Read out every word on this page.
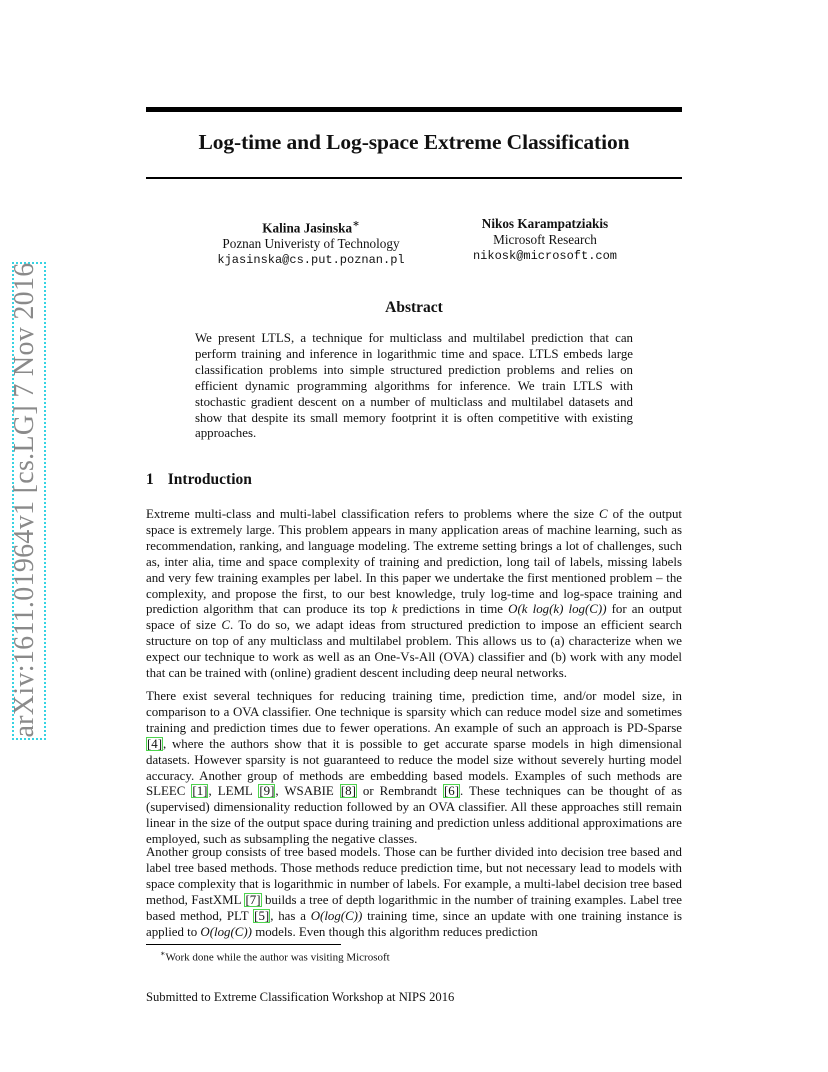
arXiv:1611.01964v1 [cs.LG] 7 Nov 2016
Log-time and Log-space Extreme Classification
Kalina Jasinska∗
Poznan Univeristy of Technology
kjasinska@cs.put.poznan.pl
Nikos Karampatziakis
Microsoft Research
nikosk@microsoft.com
Abstract
We present LTLS, a technique for multiclass and multilabel prediction that can perform training and inference in logarithmic time and space. LTLS embeds large classification problems into simple structured prediction problems and relies on efficient dynamic programming algorithms for inference. We train LTLS with stochastic gradient descent on a number of multiclass and multilabel datasets and show that despite its small memory footprint it is often competitive with existing approaches.
1 Introduction

Extreme multi-class and multi-label classification refers to problems where the size C of the output space is extremely large. This problem appears in many application areas of machine learning, such as recommendation, ranking, and language modeling. The extreme setting brings a lot of challenges, such as, inter alia, time and space complexity of training and prediction, long tail of labels, missing labels and very few training examples per label. In this paper we undertake the first mentioned problem – the complexity, and propose the first, to our best knowledge, truly log-time and log-space training and prediction algorithm that can produce its top k predictions in time O(k log(k) log(C)) for an output space of size C. To do so, we adapt ideas from structured prediction to impose an efficient search structure on top of any multiclass and multilabel problem. This allows us to (a) characterize when we expect our technique to work as well as an One-Vs-All (OVA) classifier and (b) work with any model that can be trained with (online) gradient descent including deep neural networks.

There exist several techniques for reducing training time, prediction time, and/or model size, in comparison to a OVA classifier. One technique is sparsity which can reduce model size and sometimes training and prediction times due to fewer operations. An example of such an approach is PD-Sparse [4], where the authors show that it is possible to get accurate sparse models in high dimensional datasets. However sparsity is not guaranteed to reduce the model size without severely hurting model accuracy. Another group of methods are embedding based models. Examples of such methods are SLEEC [1], LEML [9], WSABIE [8] or Rembrandt [6]. These techniques can be thought of as (supervised) dimensionality reduction followed by an OVA classifier. All these approaches still remain linear in the size of the output space during training and prediction unless additional approximations are employed, such as subsampling the negative classes.

Another group consists of tree based models. Those can be further divided into decision tree based and label tree based methods. Those methods reduce prediction time, but not necessary lead to models with space complexity that is logarithmic in number of labels. For example, a multi-label decision tree based method, FastXML [7] builds a tree of depth logarithmic in the number of training examples. Label tree based method, PLT [5], has a O(log(C)) training time, since an update with one training instance is applied to O(log(C)) models. Even though this algorithm reduces prediction

∗Work done while the author was visiting Microsoft
Submitted to Extreme Classification Workshop at NIPS 2016
